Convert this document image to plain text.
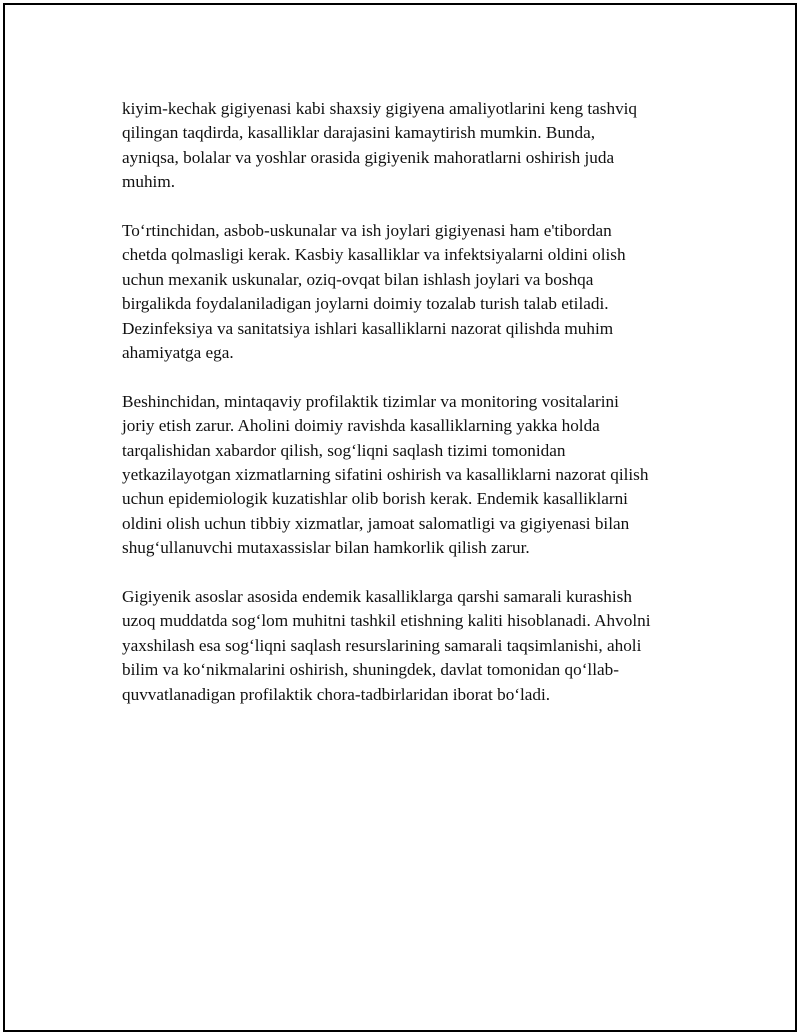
kiyim-kechak gigiyenasi kabi shaxsiy gigiyena amaliyotlarini keng tashviq
qilingan taqdirda, kasalliklar darajasini kamaytirish mumkin. Bunda,
ayniqsa, bolalar va yoshlar orasida gigiyenik mahoratlarni oshirish juda
muhim.

To‘rtinchidan, asbob-uskunalar va ish joylari gigiyenasi ham e'tibordan
chetda qolmasligi kerak. Kasbiy kasalliklar va infektsiyalarni oldini olish
uchun mexanik uskunalar, oziq-ovqat bilan ishlash joylari va boshqa
birgalikda foydalaniladigan joylarni doimiy tozalab turish talab etiladi.
Dezinfeksiya va sanitatsiya ishlari kasalliklarni nazorat qilishda muhim
ahamiyatga ega.

Beshinchidan, mintaqaviy profilaktik tizimlar va monitoring vositalarini
joriy etish zarur. Aholini doimiy ravishda kasalliklarning yakka holda
tarqalishidan xabardor qilish, sog‘liqni saqlash tizimi tomonidan
yetkazilayotgan xizmatlarning sifatini oshirish va kasalliklarni nazorat qilish
uchun epidemiologik kuzatishlar olib borish kerak. Endemik kasalliklarni
oldini olish uchun tibbiy xizmatlar, jamoat salomatligi va gigiyenasi bilan
shug‘ullanuvchi mutaxassislar bilan hamkorlik qilish zarur.

Gigiyenik asoslar asosida endemik kasalliklarga qarshi samarali kurashish
uzoq muddatda sog‘lom muhitni tashkil etishning kaliti hisoblanadi. Ahvolni
yaxshilash esa sog‘liqni saqlash resurslarining samarali taqsimlanishi, aholi
bilim va ko‘nikmalarini oshirish, shuningdek, davlat tomonidan qo‘llab-
quvvatlanadigan profilaktik chora-tadbirlaridan iborat bo‘ladi.
